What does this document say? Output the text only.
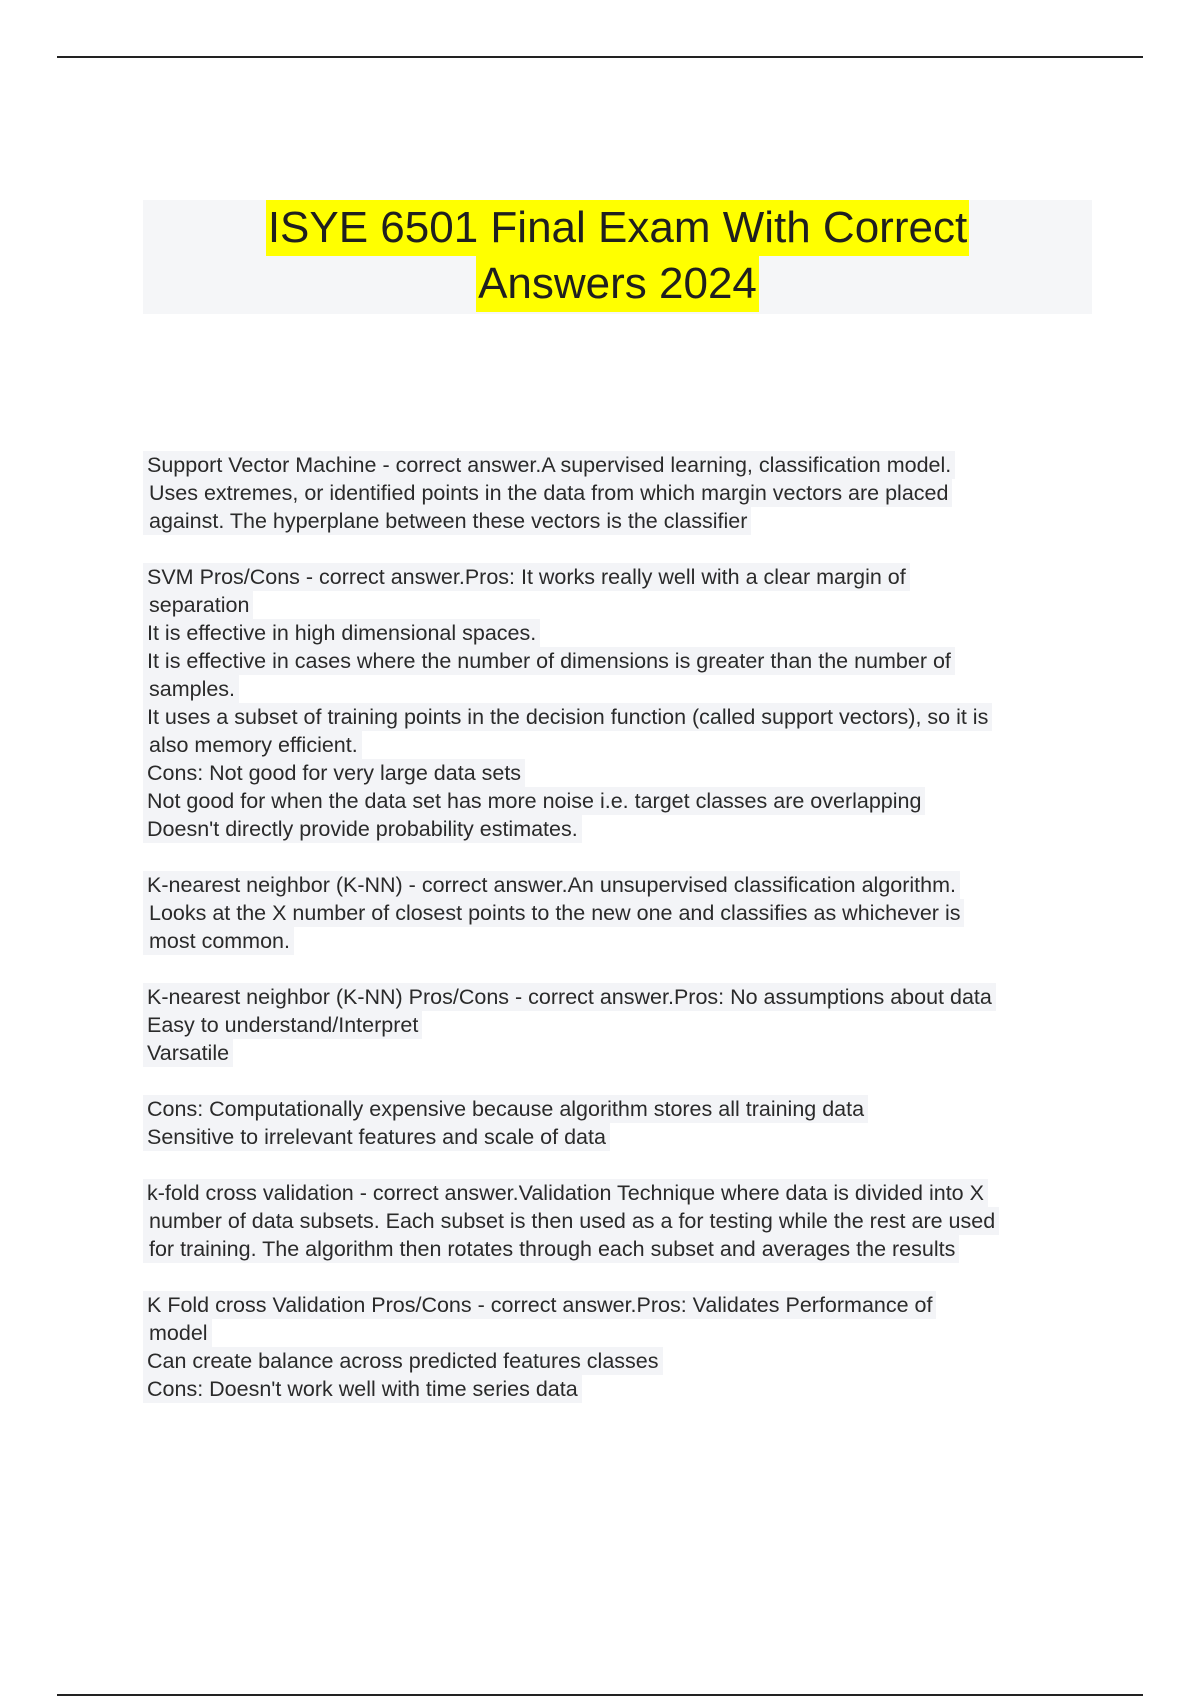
ISYE 6501 Final Exam With Correct
Answers 2024
Support Vector Machine - correct answer.A supervised learning, classification model.
Uses extremes, or identified points in the data from which margin vectors are placed
against. The hyperplane between these vectors is the classifier
SVM Pros/Cons - correct answer.Pros: It works really well with a clear margin of
separation
It is effective in high dimensional spaces.
It is effective in cases where the number of dimensions is greater than the number of
samples.
It uses a subset of training points in the decision function (called support vectors), so it is
also memory efficient.
Cons: Not good for very large data sets
Not good for when the data set has more noise i.e. target classes are overlapping
Doesn't directly provide probability estimates.
K-nearest neighbor (K-NN) - correct answer.An unsupervised classification algorithm.
Looks at the X number of closest points to the new one and classifies as whichever is
most common.
K-nearest neighbor (K-NN) Pros/Cons - correct answer.Pros: No assumptions about data
Easy to understand/Interpret
Varsatile
Cons: Computationally expensive because algorithm stores all training data
Sensitive to irrelevant features and scale of data
k-fold cross validation - correct answer.Validation Technique where data is divided into X
number of data subsets. Each subset is then used as a for testing while the rest are used
for training. The algorithm then rotates through each subset and averages the results
K Fold cross Validation Pros/Cons - correct answer.Pros: Validates Performance of
model
Can create balance across predicted features classes
Cons: Doesn't work well with time series data
